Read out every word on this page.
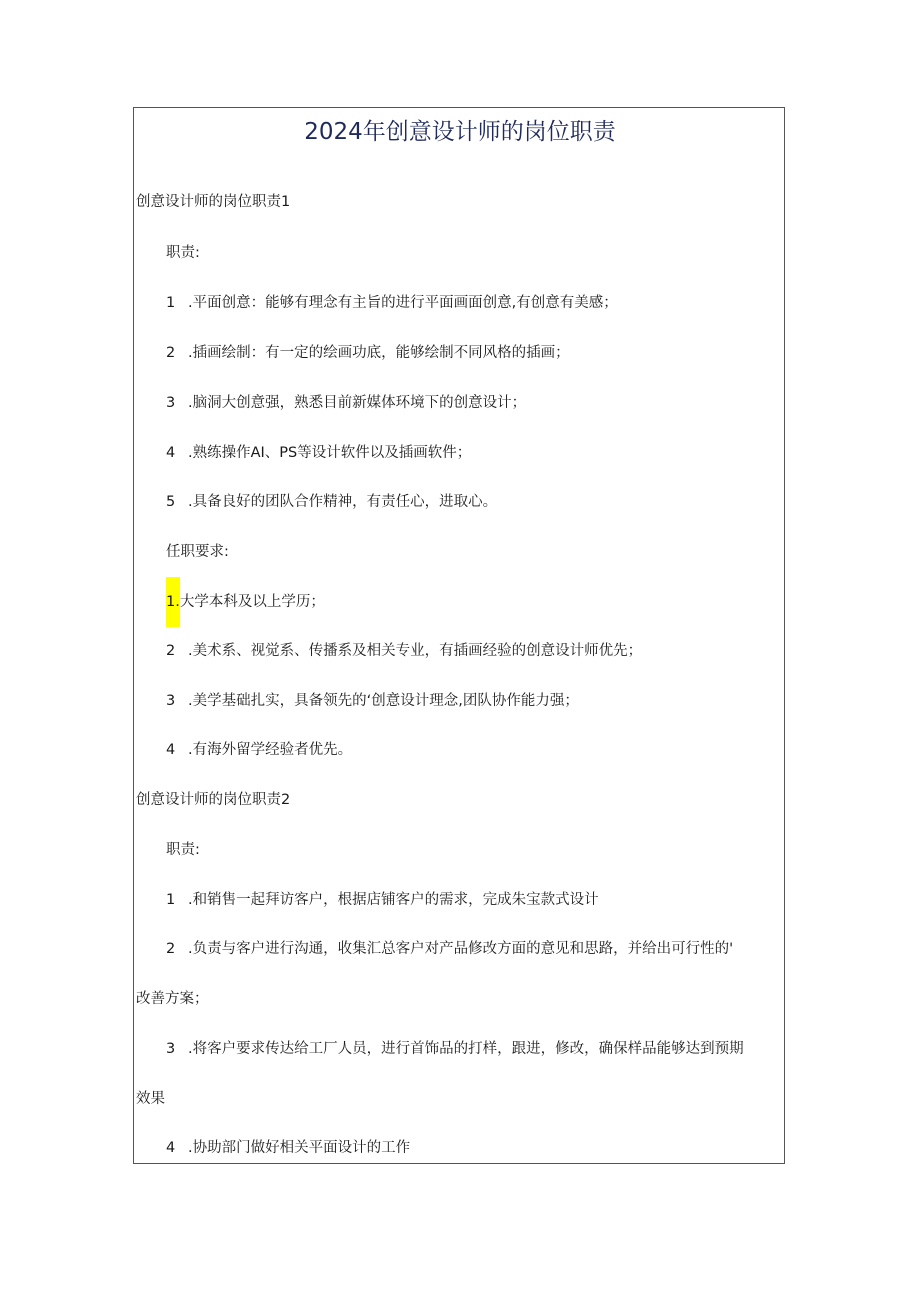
2024年创意设计师的岗位职责
创意设计师的岗位职责1
职责:
1 .平面创意：能够有理念有主旨的进行平面画面创意,有创意有美感；
2 .插画绘制：有一定的绘画功底，能够绘制不同风格的插画；
3 .脑洞大创意强，熟悉目前新媒体环境下的创意设计；
4 .熟练操作AI、PS等设计软件以及插画软件；
5 .具备良好的团队合作精神，有责任心，进取心。
任职要求:
1.大学本科及以上学历；
2 .美术系、视觉系、传播系及相关专业，有插画经验的创意设计师优先；
3 .美学基础扎实，具备领先的‘创意设计理念,团队协作能力强；
4 .有海外留学经验者优先。
创意设计师的岗位职责2
职责:
1 .和销售一起拜访客户，根据店铺客户的需求，完成朱宝款式设计
2 .负责与客户进行沟通，收集汇总客户对产品修改方面的意见和思路，并给出可行性的'
改善方案；
3 .将客户要求传达给工厂人员，进行首饰品的打样，跟进，修改，确保样品能够达到预期
效果
4 .协助部门做好相关平面设计的工作
